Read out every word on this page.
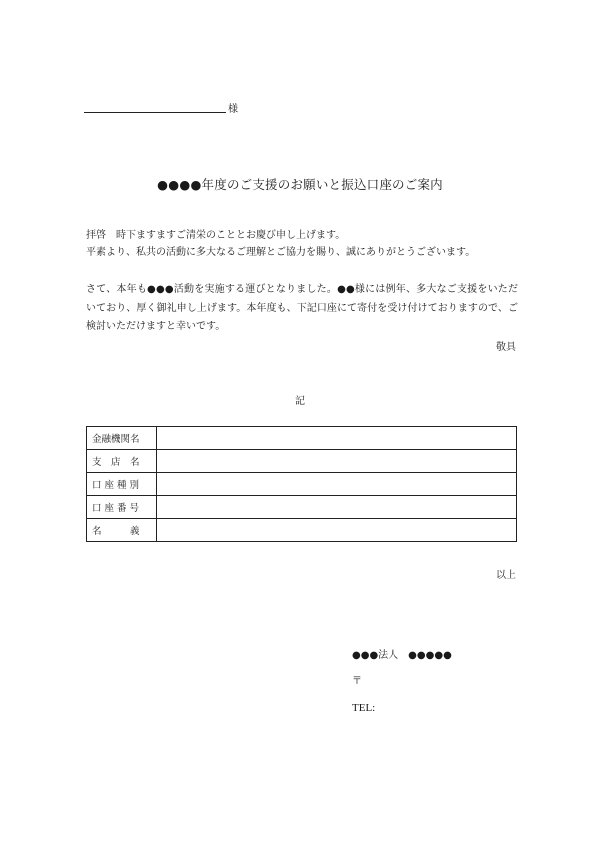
様
●●●●年度のご支援のお願いと振込口座のご案内

拝啓　時下ますますご清栄のこととお慶び申し上げます。

平素より、私共の活動に多大なるご理解とご協力を賜り、誠にありがとうございます。

さて、本年も●●●活動を実施する運びとなりました。●●様には例年、多大なご支援をいただいており、厚く御礼申し上げます。本年度も、下記口座にて寄付を受け付けておりますので、ご検討いただけますと幸いです。

敬具
記
金融機関名	
支　店　名	
口 座 種 別	
口 座 番 号	
名　　　義	
以上
●●●法人　●●●●●
〒
TEL:
